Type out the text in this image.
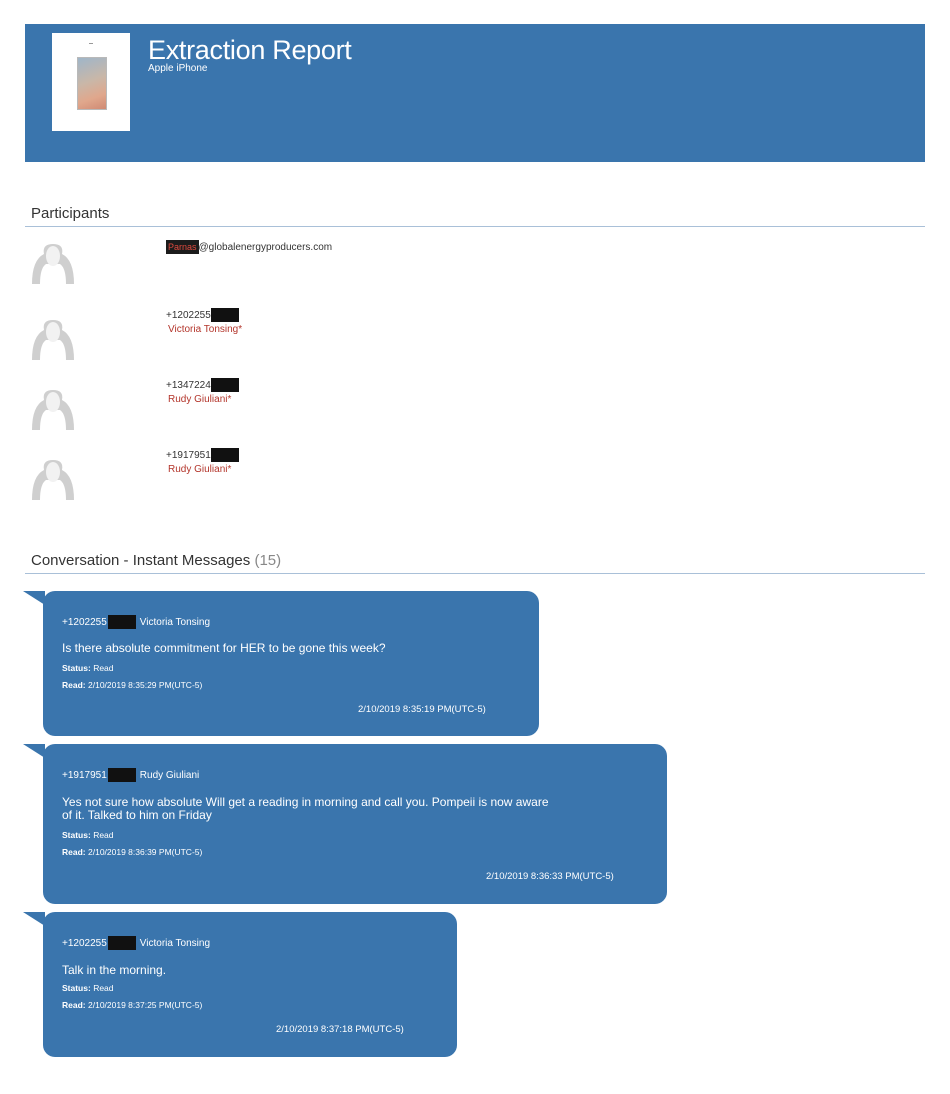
Extraction Report
Apple iPhone
Participants
Parnas @globalenergyproducers.com
+1202255
Victoria Tonsing*
+1347224
Rudy Giuliani*
+1917951
Rudy Giuliani*
Conversation - Instant Messages (15)
+1202255	Victoria Tonsing
Is there absolute commitment for HER to be gone this week?
Status: Read
Read: 2/10/2019 8:35:29 PM(UTC-5)
2/10/2019 8:35:19 PM(UTC-5)
+1917951	Rudy Giuliani
Yes not sure how absolute Will get a reading in morning and call you. Pompeii is now aware
of it. Talked to him on Friday
Status: Read
Read: 2/10/2019 8:36:39 PM(UTC-5)
2/10/2019 8:36:33 PM(UTC-5)
+1202255	Victoria Tonsing
Talk in the morning.
Status: Read
Read: 2/10/2019 8:37:25 PM(UTC-5)
2/10/2019 8:37:18 PM(UTC-5)
